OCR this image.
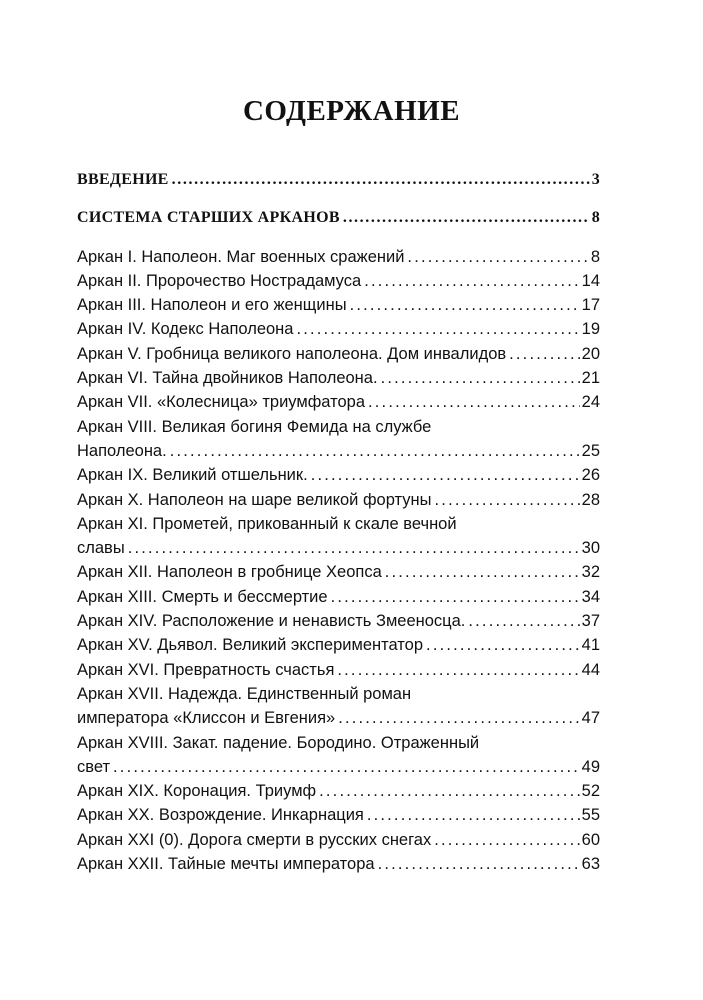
СОДЕРЖАНИЕ
ВВЕДЕНИЕ . . .	3
СИСТЕМА СТАРШИХ АРКАНОВ . . .	8
Аркан I. Наполеон. Маг военных сражений . . .	8
Аркан II. Пророчество Нострадамуса . . .	14
Аркан III. Наполеон и его женщины . . .	17
Аркан IV. Кодекс Наполеона . . .	19
Аркан V. Гробница великого наполеона. Дом инвалидов . . .	20
Аркан VI. Тайна двойников Наполеона. . . .	21
Аркан VII. «Колесница» триумфатора . . .	24
Аркан VIII. Великая богиня Фемида на службе
Наполеона. . . .	25
Аркан IX. Великий отшельник. . . .	26
Аркан X. Наполеон на шаре великой фортуны . . .	28
Аркан XI. Прометей, прикованный к скале вечной
славы . . .	30
Аркан XII. Наполеон в гробнице Хеопса . . .	32
Аркан XIII. Смерть и бессмертие . . .	34
Аркан XIV. Расположение и ненависть Змееносца. . . .	37
Аркан XV. Дьявол. Великий экспериментатор . . .	41
Аркан XVI. Превратность счастья . . .	44
Аркан XVII. Надежда. Единственный роман
императора «Клиссон и Евгения» . . .	47
Аркан XVIII. Закат. падение. Бородино. Отраженный
свет . . .	49
Аркан XIX. Коронация. Триумф . . .	52
Аркан XX. Возрождение. Инкарнация . . .	55
Аркан XXI (0). Дорога смерти в русских снегах . . .	60
Аркан XXII. Тайные мечты императора . . .	63
